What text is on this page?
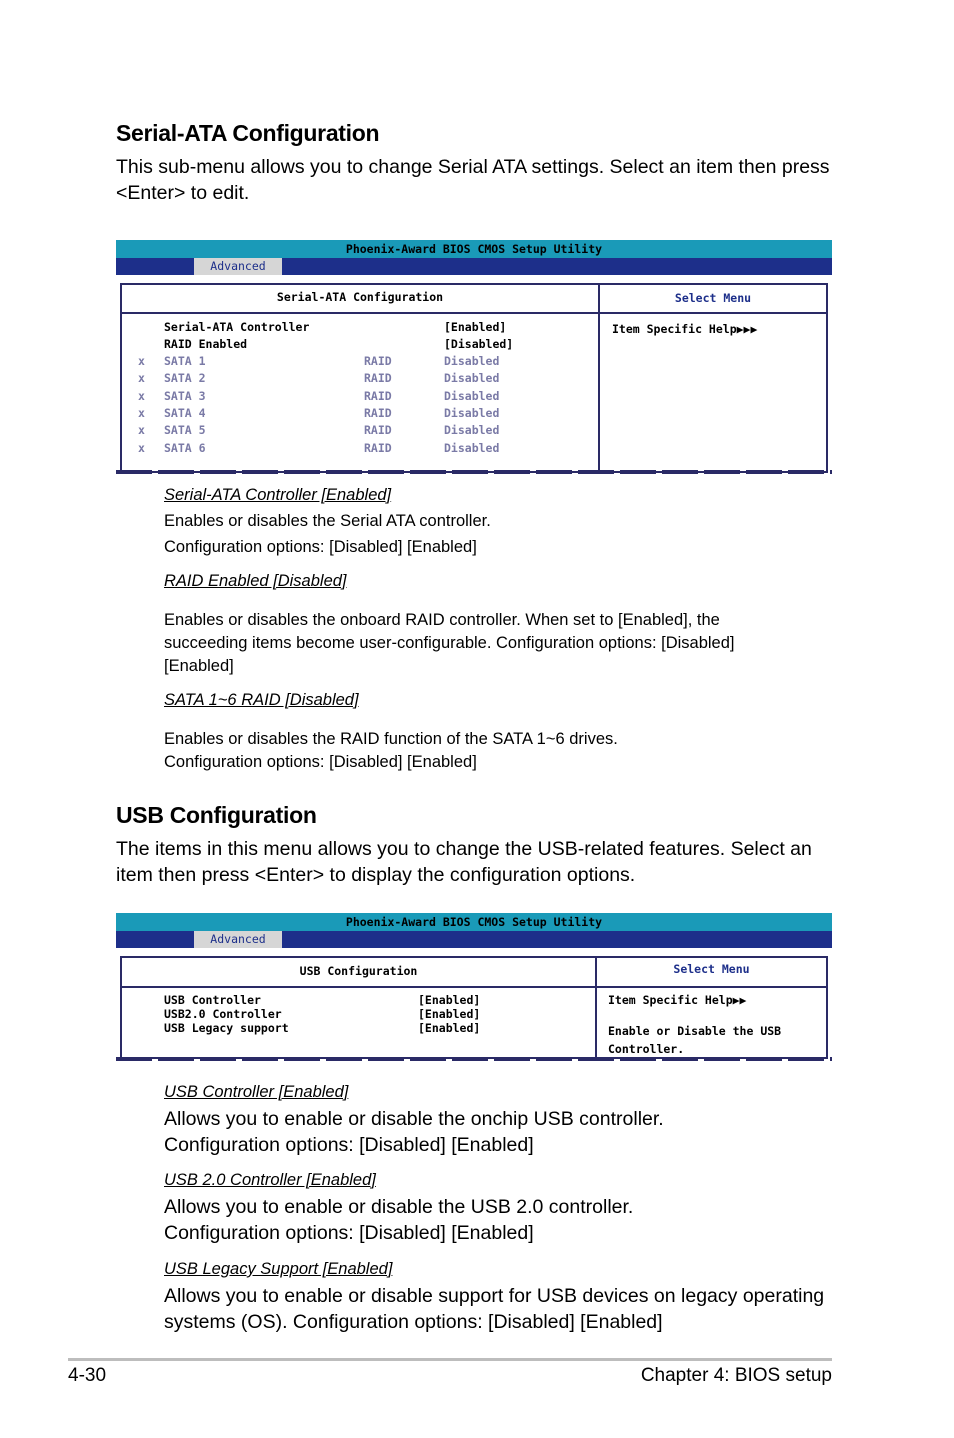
Serial-ATA Configuration

This sub-menu allows you to change Serial ATA settings. Select an item then press <Enter> to edit.

Phoenix-Award BIOS CMOS Setup Utility
Advanced
Serial-ATA Configuration	Select Menu
Item Specific Help▶▶▶
Serial-ATA Controller	[Enabled]
RAID Enabled	[Disabled]
x SATA 1	RAID	Disabled
x SATA 2	RAID	Disabled
x SATA 3	RAID	Disabled
x SATA 4	RAID	Disabled
x SATA 5	RAID	Disabled
x SATA 6	RAID	Disabled

Serial-ATA Controller [Enabled]

Enables or disables the Serial ATA controller.

Configuration options: [Disabled] [Enabled]

RAID Enabled [Disabled]

Enables or disables the onboard RAID controller. When set to [Enabled], the succeeding items become user-configurable. Configuration options: [Disabled] [Enabled]

SATA 1~6 RAID [Disabled]

Enables or disables the RAID function of the SATA 1~6 drives.

Configuration options: [Disabled] [Enabled]

USB Configuration

The items in this menu allows you to change the USB-related features. Select an item then press <Enter> to display the configuration options.

Phoenix-Award BIOS CMOS Setup Utility
Advanced
USB Configuration	Select Menu
Item Specific Help▶▶
Enable or Disable the USB
Controller.
USB Controller	[Enabled]
USB2.0 Controller	[Enabled]
USB Legacy support	[Enabled]

USB Controller [Enabled]

Allows you to enable or disable the onchip USB controller.

Configuration options: [Disabled] [Enabled]

USB 2.0 Controller [Enabled]

Allows you to enable or disable the USB 2.0 controller.

Configuration options: [Disabled] [Enabled]

USB Legacy Support [Enabled]

Allows you to enable or disable support for USB devices on legacy operating systems (OS). Configuration options: [Disabled] [Enabled]

4-30	Chapter 4: BIOS setup
